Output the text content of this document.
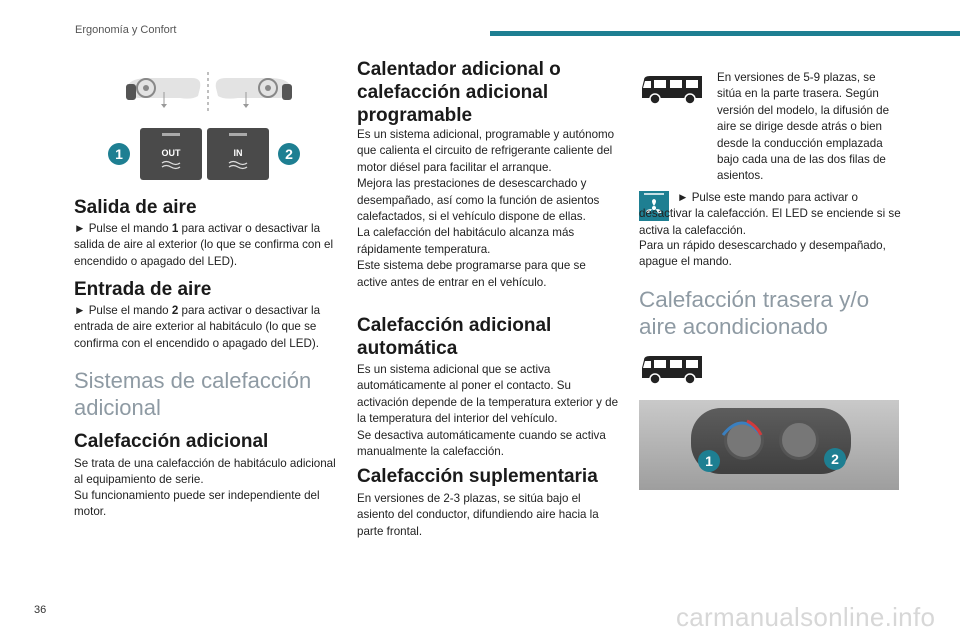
Ergonomía y Confort
1	OUT	IN	2
Salida de aire

► Pulse el mando 1 para activar o desactivar la salida de aire al exterior (lo que se confirma con el encendido o apagado del LED).

Entrada de aire

► Pulse el mando 2 para activar o desactivar la entrada de aire exterior al habitáculo (lo que se confirma con el encendido o apagado del LED).

Sistemas de calefacción adicional
Calefacción adicional

Se trata de una calefacción de habitáculo adicional al equipamiento de serie.

Su funcionamiento puede ser independiente del motor.

Calentador adicional o calefacción adicional programable

Es un sistema adicional, programable y autónomo que calienta el circuito de refrigerante caliente del motor diésel para facilitar el arranque.

Mejora las prestaciones de desescarchado y desempañado, así como la función de asientos calefactados, si el vehículo dispone de ellas.

La calefacción del habitáculo alcanza más rápidamente temperatura.

Este sistema debe programarse para que se active antes de entrar en el vehículo.

Calefacción adicional automática

Es un sistema adicional que se activa automáticamente al poner el contacto. Su activación depende de la temperatura exterior y de la temperatura del interior del vehículo.

Se desactiva automáticamente cuando se activa manualmente la calefacción.

Calefacción suplementaria

En versiones de 2-3 plazas, se sitúa bajo el asiento del conductor, difundiendo aire hacia la parte frontal.

En versiones de 5-9 plazas, se sitúa en la parte trasera. Según versión del modelo, la difusión de aire se dirige desde atrás o bien desde la conducción emplazada bajo cada una de las dos filas de asientos.

► Pulse este mando para activar o desactivar la calefacción. El LED se enciende si se activa la calefacción.

Para un rápido desescarchado y desempañado, apague el mando.

Calefacción trasera y/o aire acondicionado
1	2
36	carmanualsonline.info
